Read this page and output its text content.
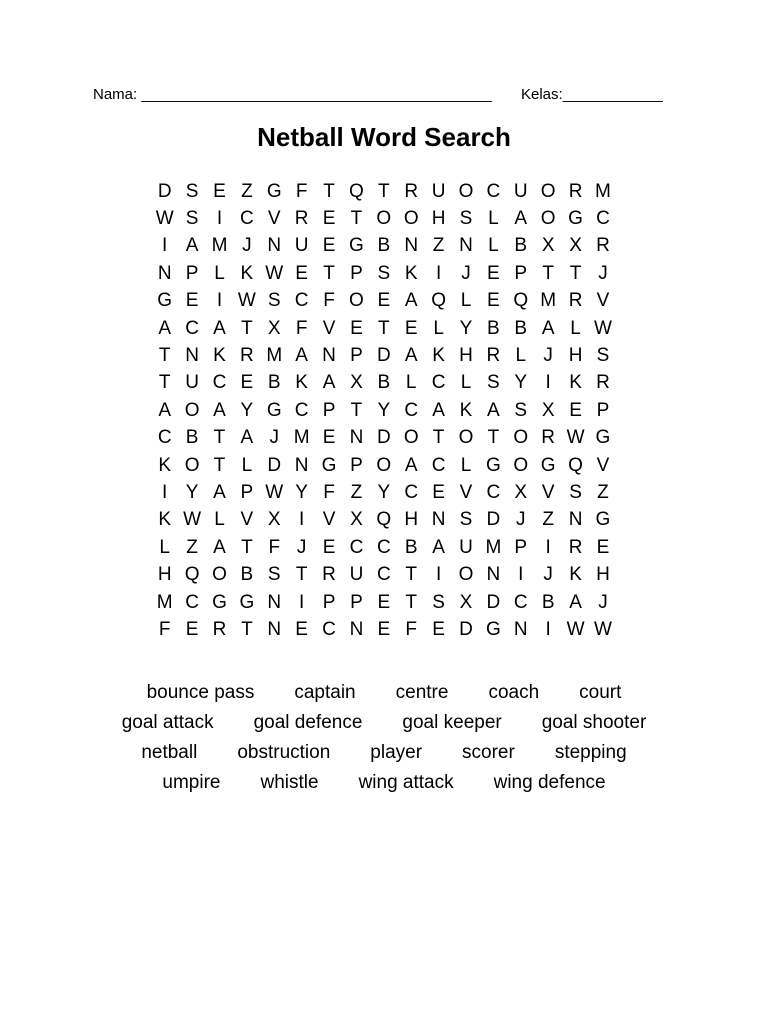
Nama: __________________________________________ Kelas:____________
Netball Word Search
D S E Z G F T Q T R U O C U O R M
W S I C V R E T O O H S L A O G C
I A M J N U E G B N Z N L B X X R
N P L K W E T P S K I	J E P T T J
G E I W S C F O E A Q L E Q M R V
A C A T X F V E T E L Y B B A L W
T N K R M A N P D A K H R L J H S
T U C E B K A X B L C L S Y I K R
A O A Y G C P T Y C A K A S X E P
C B T A J M E N D O T O T O R W G
K O T L D N G P O A C L G O G Q V
I Y A P W Y F Z Y C E V C X V S Z
K W L V X I V X Q H N S D J Z N G
L Z A T F J E C C B A U M P I R E
H Q O B S T R U C T I O N I	J K H
M C G G N I P P E T S X D C B A J
F E R T N E C N E F E D G N I W W
bounce pass captain centre coach court
goal attack goal defence goal keeper goal shooter
netball obstruction player scorer stepping
umpire whistle wing attack wing defence
